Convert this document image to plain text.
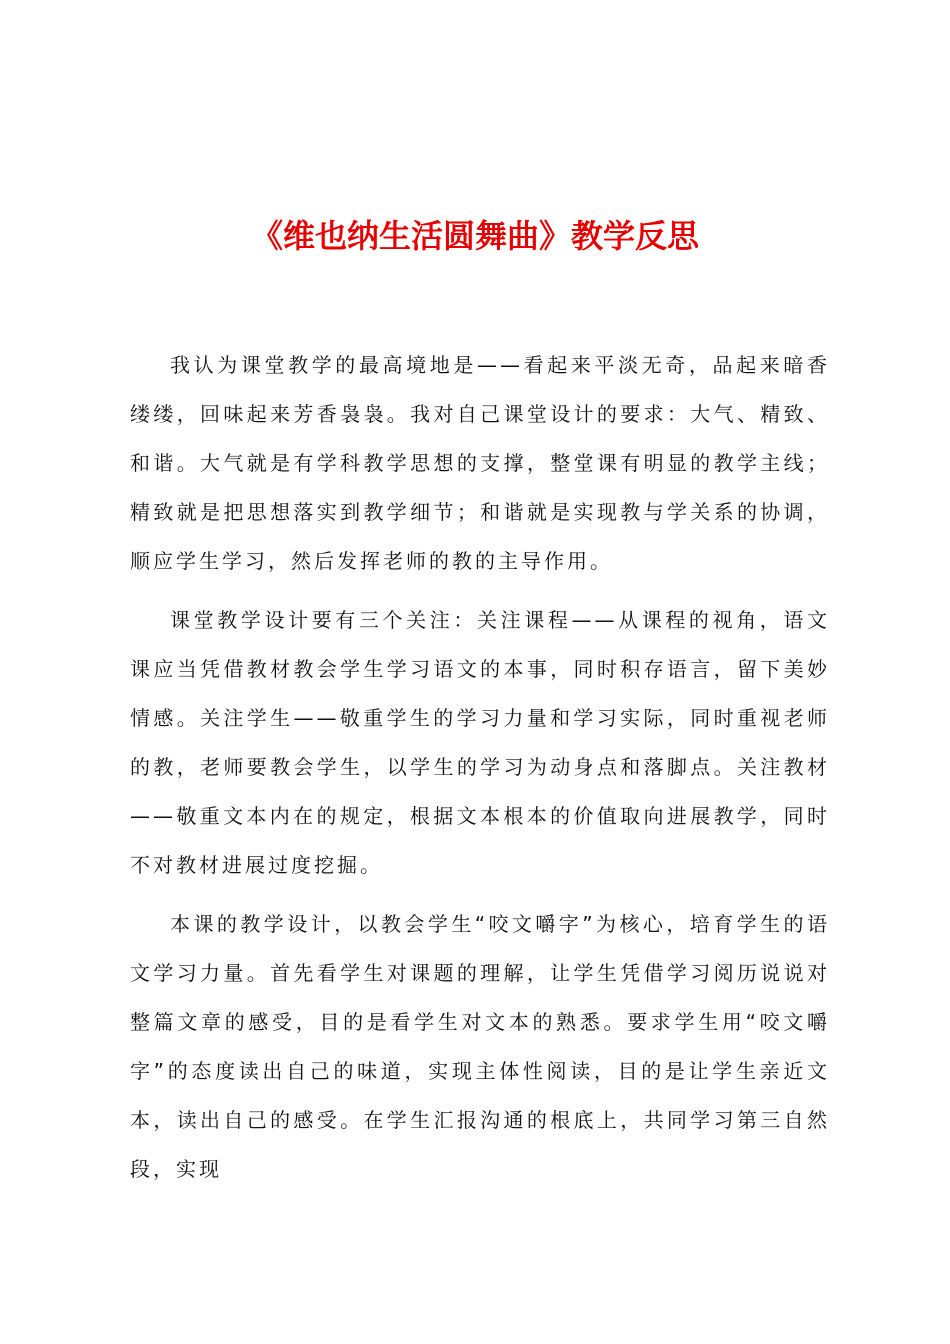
《维也纳生活圆舞曲》教学反思

我认为课堂教学的最高境地是——看起来平淡无奇，品起来暗香缕缕，回味起来芳香袅袅。我对自己课堂设计的要求：大气、精致、和谐。大气就是有学科教学思想的支撑，整堂课有明显的教学主线；精致就是把思想落实到教学细节；和谐就是实现教与学关系的协调，顺应学生学习，然后发挥老师的教的主导作用。

课堂教学设计要有三个关注：关注课程——从课程的视角，语文课应当凭借教材教会学生学习语文的本事，同时积存语言，留下美妙情感。关注学生——敬重学生的学习力量和学习实际，同时重视老师的教，老师要教会学生，以学生的学习为动身点和落脚点。关注教材——敬重文本内在的规定，根据文本根本的价值取向进展教学，同时不对教材进展过度挖掘。

本课的教学设计，以教会学生“咬文嚼字”为核心，培育学生的语文学习力量。首先看学生对课题的理解，让学生凭借学习阅历说说对整篇文章的感受，目的是看学生对文本的熟悉。要求学生用“咬文嚼字”的态度读出自己的味道，实现主体性阅读，目的是让学生亲近文本，读出自己的感受。在学生汇报沟通的根底上，共同学习第三自然段，实现
